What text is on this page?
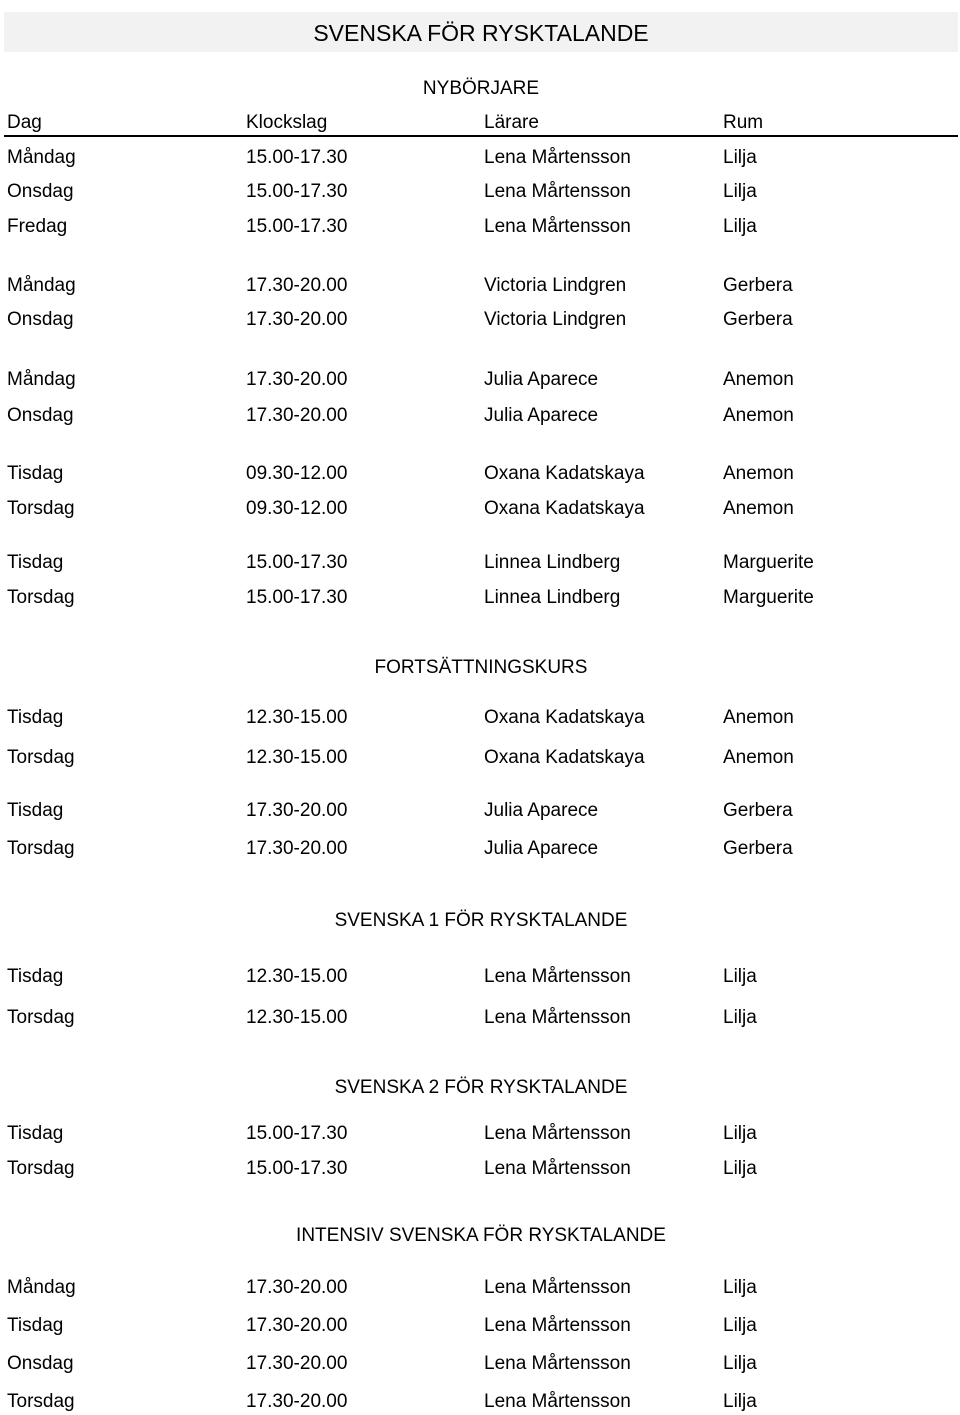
SVENSKA FÖR RYSKTALANDE
NYBÖRJARE
Dag	Klockslag	Lärare	Rum
Måndag	15.00-17.30	Lena Mårtensson	Lilja
Onsdag	15.00-17.30	Lena Mårtensson	Lilja
Fredag	15.00-17.30	Lena Mårtensson	Lilja
Måndag	17.30-20.00	Victoria Lindgren	Gerbera
Onsdag	17.30-20.00	Victoria Lindgren	Gerbera
Måndag	17.30-20.00	Julia Aparece	Anemon
Onsdag	17.30-20.00	Julia Aparece	Anemon
Tisdag	09.30-12.00	Oxana Kadatskaya	Anemon
Torsdag	09.30-12.00	Oxana Kadatskaya	Anemon
Tisdag	15.00-17.30	Linnea Lindberg	Marguerite
Torsdag	15.00-17.30	Linnea Lindberg	Marguerite
FORTSÄTTNINGSKURS
Tisdag	12.30-15.00	Oxana Kadatskaya	Anemon
Torsdag	12.30-15.00	Oxana Kadatskaya	Anemon
Tisdag	17.30-20.00	Julia Aparece	Gerbera
Torsdag	17.30-20.00	Julia Aparece	Gerbera
SVENSKA 1 FÖR RYSKTALANDE
Tisdag	12.30-15.00	Lena Mårtensson	Lilja
Torsdag	12.30-15.00	Lena Mårtensson	Lilja
SVENSKA 2 FÖR RYSKTALANDE
Tisdag	15.00-17.30	Lena Mårtensson	Lilja
Torsdag	15.00-17.30	Lena Mårtensson	Lilja
INTENSIV SVENSKA FÖR RYSKTALANDE
Måndag	17.30-20.00	Lena Mårtensson	Lilja
Tisdag	17.30-20.00	Lena Mårtensson	Lilja
Onsdag	17.30-20.00	Lena Mårtensson	Lilja
Torsdag	17.30-20.00	Lena Mårtensson	Lilja
